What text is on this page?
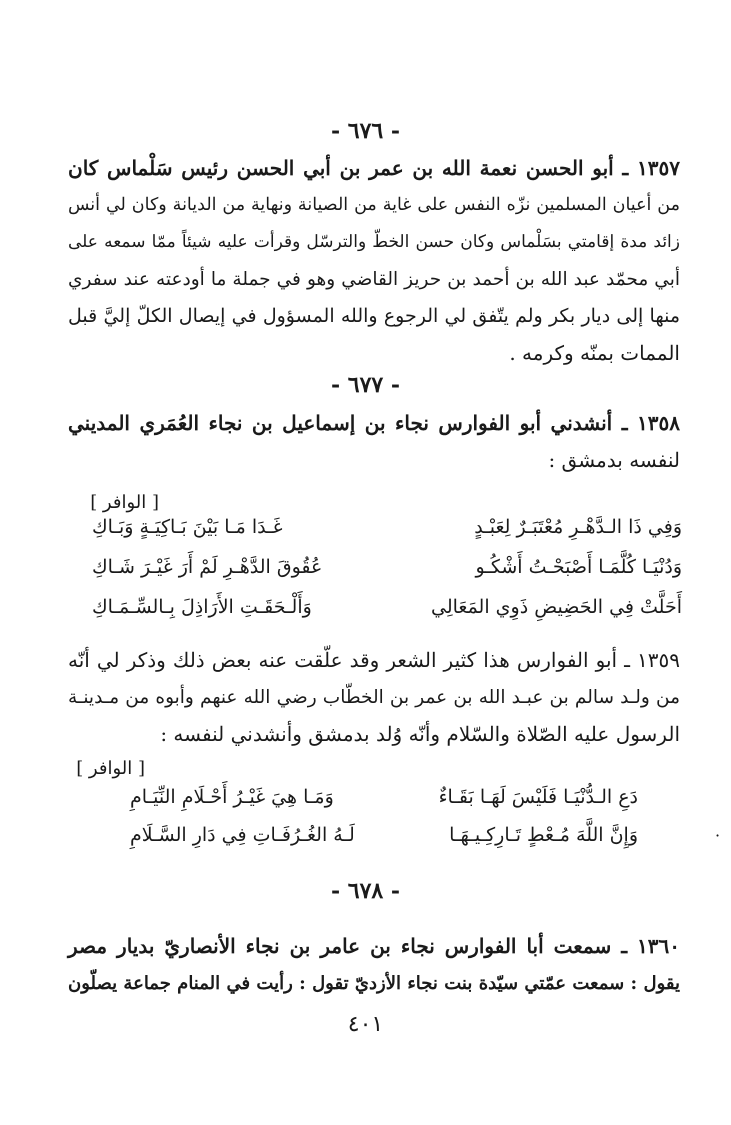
- ٦٧٦ -
١٣٥٧ ـ أبو الحسن نعمة الله بن عمر بن أبي الحسن رئيس سَلْماس كان
من أعيان المسلمين نزّه النفس على غاية من الصيانة ونهاية من الديانة وكان لي أنس
زائد مدة إقامتي بسَلْماس وكان حسن الخطّ والترسّل وقرأت عليه شيئاً ممّا سمعه على
أبي محمّد عبد الله بن أحمد بن حريز القاضي وهو في جملة ما أودعته عند سفري
منها إلى ديار بكر ولم يتّفق لي الرجوع والله المسؤول في إيصال الكلّ إليَّ قبل
الممات بمنّه وكرمه .
- ٦٧٧ -
١٣٥٨ ـ أنشدني أبو الفوارس نجاء بن إسماعيل بن نجاء العُمَري المديني
لنفسه بدمشق :
[ الوافر ]
وَفِي ذَا الـدَّهْـرِ مُعْتَبَـرٌ لِعَبْـدٍ
غَـدَا مَـا بَيْنَ بَـاكِيَـةٍ وَبَـاكِ
وَدُنْيَـا كُلَّمَـا أَصْبَحْـتُ أَشْكُـو
عُقُوقَ الدَّهْـرِ لَمْ أَرَ غَيْـرَ شَـاكِ
أَحَلَّتْ فِي الحَضِيضِ ذَوِي المَعَالِي
وَأَلْـحَقَـتِ الأَرَاذِلَ بِـالسِّـمَـاكِ
١٣٥٩ ـ أبو الفوارس هذا كثير الشعر وقد علّقت عنه بعض ذلك وذكر لي أنّه
من ولـد سالم بن عبـد الله بن عمر بن الخطّاب رضي الله عنهم وأبوه من مـدينـة
الرسول عليه الصّلاة والسّلام وأنّه وُلد بدمشق وأنشدني لنفسه :
[ الوافر ]
دَعِ الـدُّنْيَـا فَلَيْسَ لَهَـا بَقَـاءٌ
وَمَـا هِيَ غَيْـرُ أَحْـلَامِ النِّيَـامِ
وَإِنَّ اللَّهَ مُـعْطٍ تَـارِكِـيـهَـا
لَـهُ الغُـرُفَـاتِ فِي دَارِ السَّـلَامِ	·
- ٦٧٨ -
١٣٦٠ ـ سمعت أبا الفوارس نجاء بن عامر بن نجاء الأنصاريّ بديار مصر
يقول : سمعت عمّتي سيّدة بنت نجاء الأزديّ تقول : رأيت في المنام جماعة يصلّون
٤٠١
